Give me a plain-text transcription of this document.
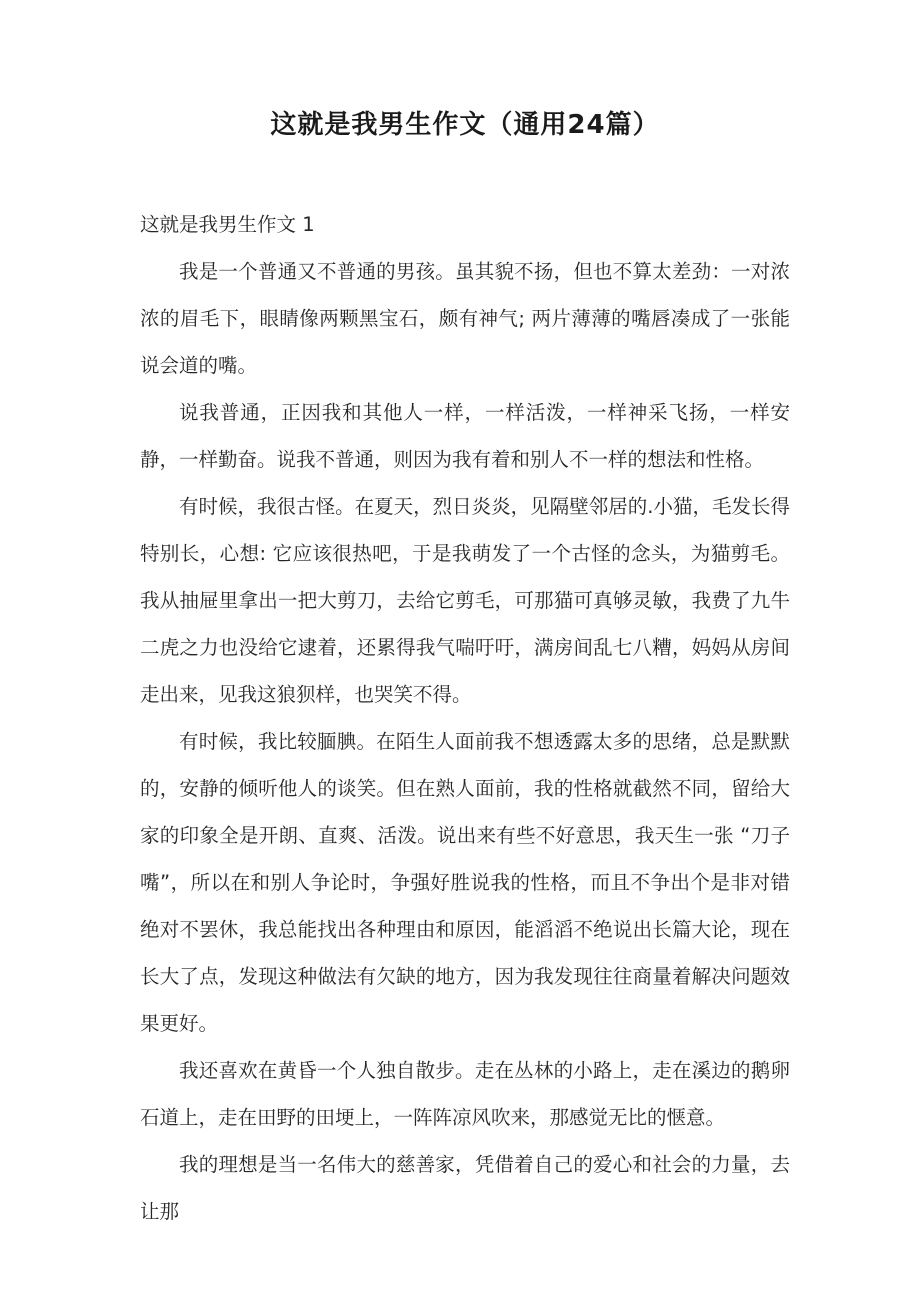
这就是我男生作文（通用24篇）

这就是我男生作文 1

我是一个普通又不普通的男孩。虽其貌不扬，但也不算太差劲：一对浓浓的眉毛下，眼睛像两颗黑宝石，颇有神气; 两片薄薄的嘴唇凑成了一张能说会道的嘴。

说我普通，正因我和其他人一样，一样活泼，一样神采飞扬，一样安静，一样勤奋。说我不普通，则因为我有着和别人不一样的想法和性格。

有时候，我很古怪。在夏天，烈日炎炎，见隔壁邻居的.小猫，毛发长得特别长，心想: 它应该很热吧，于是我萌发了一个古怪的念头，为猫剪毛。我从抽屉里拿出一把大剪刀，去给它剪毛，可那猫可真够灵敏，我费了九牛二虎之力也没给它逮着，还累得我气喘吁吁，满房间乱七八糟，妈妈从房间走出来，见我这狼狈样，也哭笑不得。

有时候，我比较腼腆。在陌生人面前我不想透露太多的思绪，总是默默的，安静的倾听他人的谈笑。但在熟人面前，我的性格就截然不同，留给大家的印象全是开朗、直爽、活泼。说出来有些不好意思，我天生一张 “刀子嘴”，所以在和别人争论时，争强好胜说我的性格，而且不争出个是非对错绝对不罢休，我总能找出各种理由和原因，能滔滔不绝说出长篇大论，现在长大了点，发现这种做法有欠缺的地方，因为我发现往往商量着解决问题效果更好。

我还喜欢在黄昏一个人独自散步。走在丛林的小路上，走在溪边的鹅卵石道上，走在田野的田埂上，一阵阵凉风吹来，那感觉无比的惬意。

我的理想是当一名伟大的慈善家，凭借着自己的爱心和社会的力量，去让那
